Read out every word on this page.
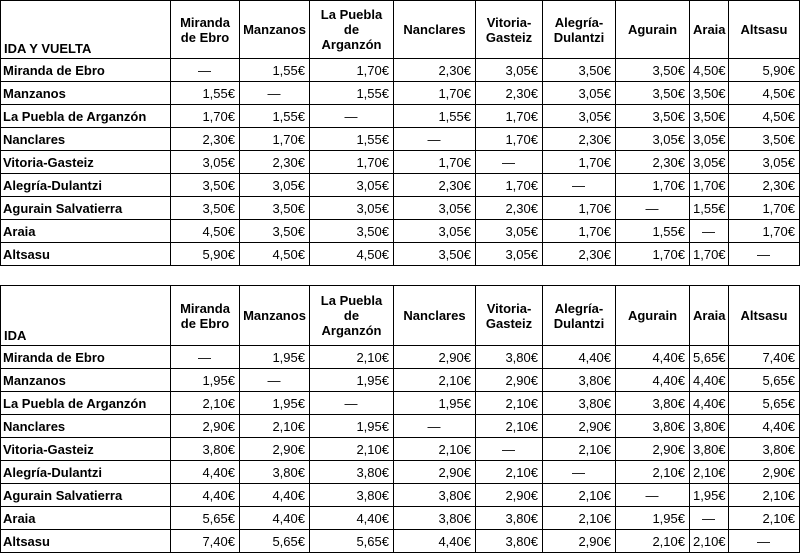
IDA Y VUELTA	Miranda de Ebro	Manzanos	La Puebla de Arganzón	Nanclares	Vitoria-Gasteiz	Alegría-Dulantzi	Agurain	Araia	Altsasu
Miranda de Ebro	—	1,55€	1,70€	2,30€	3,05€	3,50€	3,50€	4,50€	5,90€
Manzanos	1,55€	—	1,55€	1,70€	2,30€	3,05€	3,50€	3,50€	4,50€
La Puebla de Arganzón	1,70€	1,55€	—	1,55€	1,70€	3,05€	3,50€	3,50€	4,50€
Nanclares	2,30€	1,70€	1,55€	—	1,70€	2,30€	3,05€	3,05€	3,50€
Vitoria-Gasteiz	3,05€	2,30€	1,70€	1,70€	—	1,70€	2,30€	3,05€	3,05€
Alegría-Dulantzi	3,50€	3,05€	3,05€	2,30€	1,70€	—	1,70€	1,70€	2,30€
Agurain Salvatierra	3,50€	3,50€	3,05€	3,05€	2,30€	1,70€	—	1,55€	1,70€
Araia	4,50€	3,50€	3,50€	3,05€	3,05€	1,70€	1,55€	—	1,70€
Altsasu	5,90€	4,50€	4,50€	3,50€	3,05€	2,30€	1,70€	1,70€	—
IDA	Miranda de Ebro	Manzanos	La Puebla de Arganzón	Nanclares	Vitoria-Gasteiz	Alegría-Dulantzi	Agurain	Araia	Altsasu
Miranda de Ebro	—	1,95€	2,10€	2,90€	3,80€	4,40€	4,40€	5,65€	7,40€
Manzanos	1,95€	—	1,95€	2,10€	2,90€	3,80€	4,40€	4,40€	5,65€
La Puebla de Arganzón	2,10€	1,95€	—	1,95€	2,10€	3,80€	3,80€	4,40€	5,65€
Nanclares	2,90€	2,10€	1,95€	—	2,10€	2,90€	3,80€	3,80€	4,40€
Vitoria-Gasteiz	3,80€	2,90€	2,10€	2,10€	—	2,10€	2,90€	3,80€	3,80€
Alegría-Dulantzi	4,40€	3,80€	3,80€	2,90€	2,10€	—	2,10€	2,10€	2,90€
Agurain Salvatierra	4,40€	4,40€	3,80€	3,80€	2,90€	2,10€	—	1,95€	2,10€
Araia	5,65€	4,40€	4,40€	3,80€	3,80€	2,10€	1,95€	—	2,10€
Altsasu	7,40€	5,65€	5,65€	4,40€	3,80€	2,90€	2,10€	2,10€	—
